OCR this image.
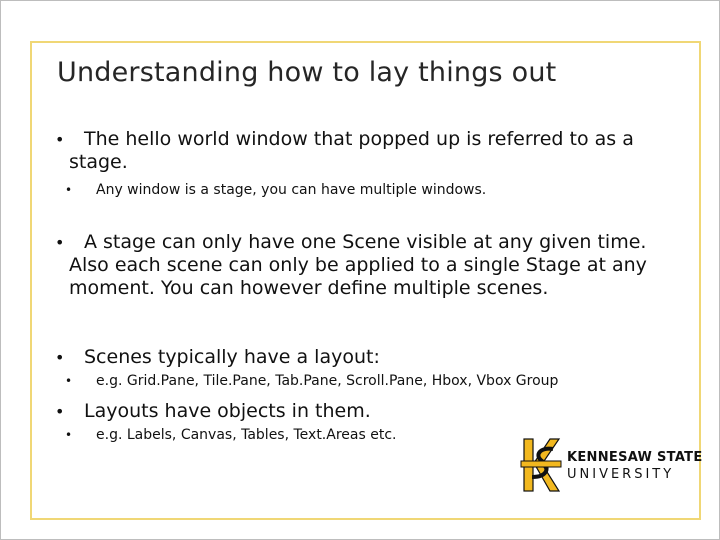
Understanding how to lay things out
•	The hello world window that popped up is referred to as a stage.
• Any window is a stage, you can have multiple windows.
•	A stage can only have one Scene visible at any given time. Also each scene can only be applied to a single Stage at any moment. You can however define multiple scenes.
•	Scenes typically have a layout:
• e.g. Grid.Pane, Tile.Pane, Tab.Pane, Scroll.Pane, Hbox, Vbox Group
•	Layouts have objects in them.
• e.g. Labels, Canvas, Tables, Text.Areas etc.
KENNESAW STATE
UNIVERSITY
